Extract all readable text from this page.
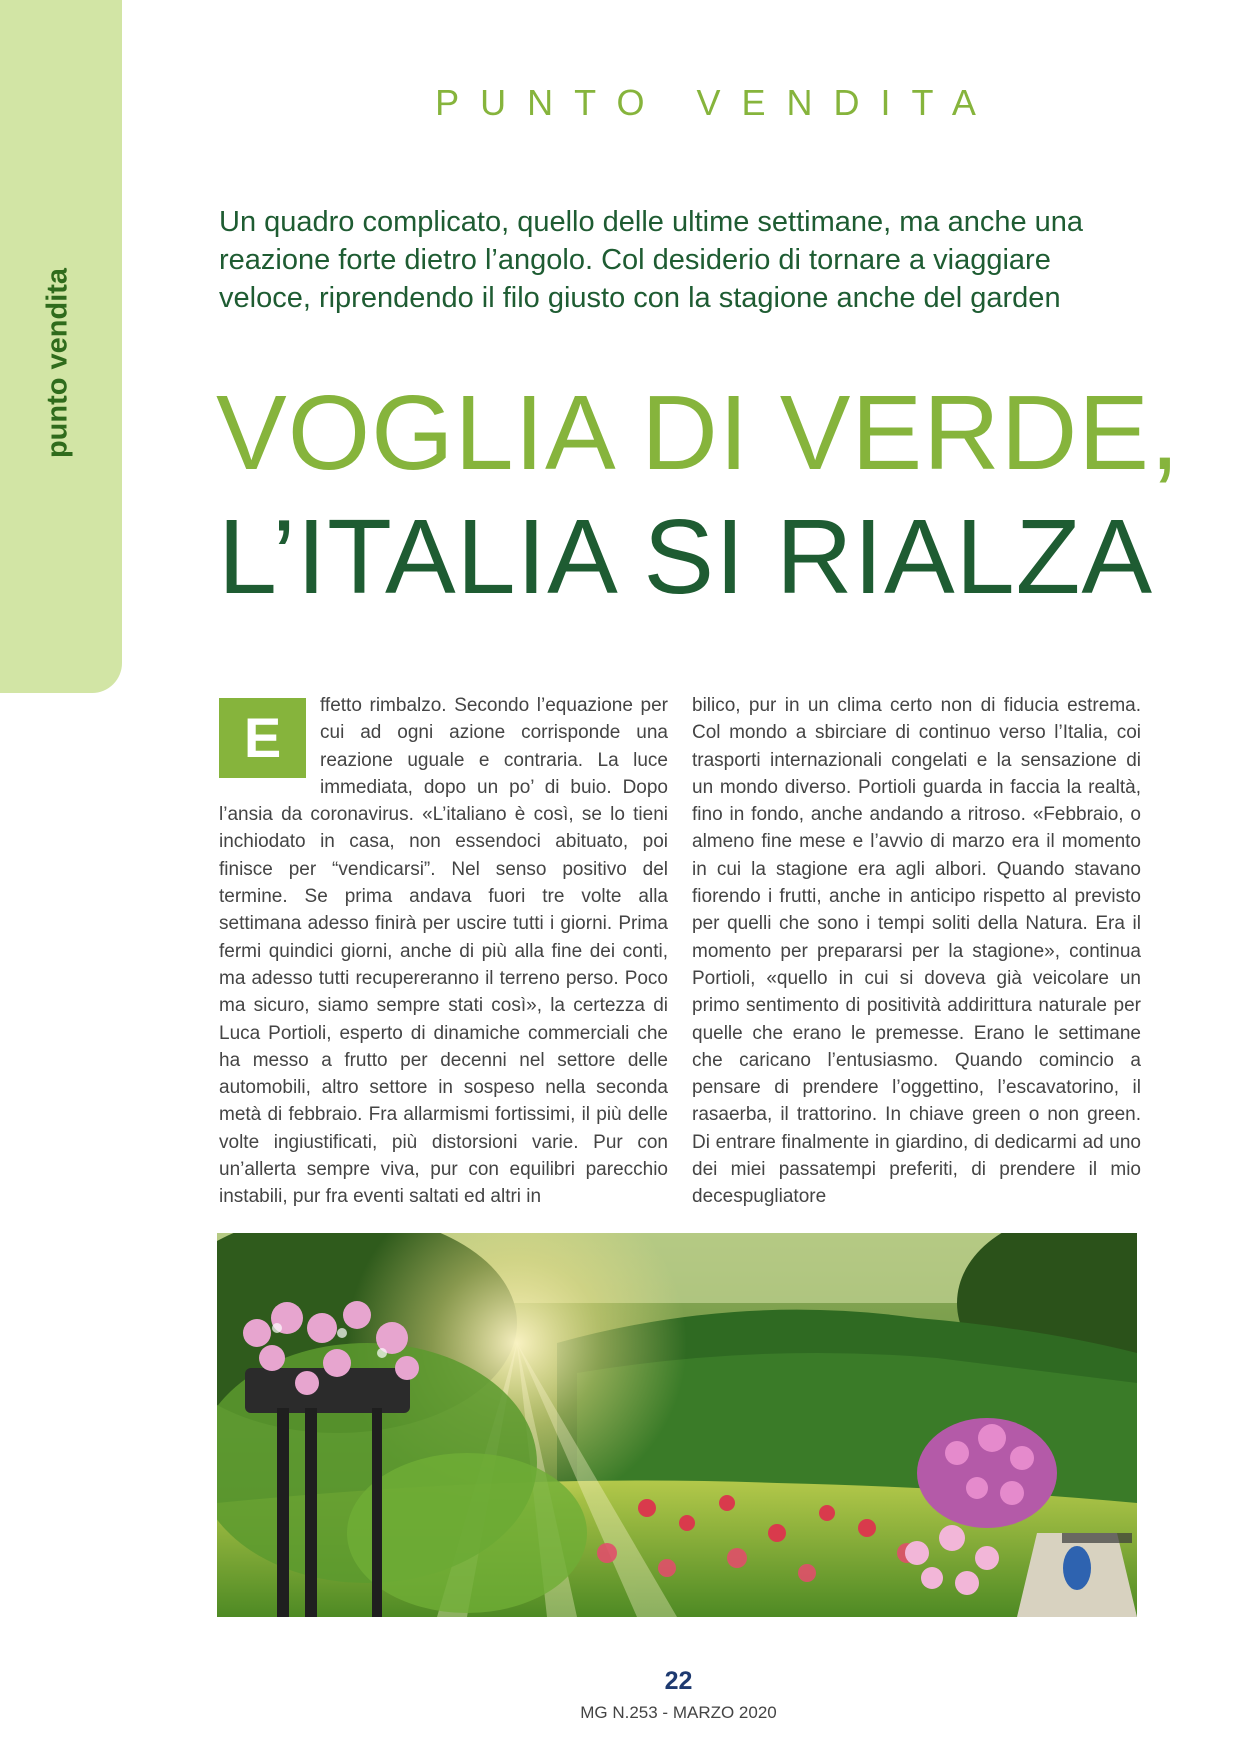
punto vendita
PUNTO VENDITA
Un quadro complicato, quello delle ultime settimane, ma anche una reazione forte dietro l’angolo. Col desiderio di tornare a viaggiare veloce, riprendendo il filo giusto con la stagione anche del garden
VOGLIA DI VERDE,
L’ITALIA SI RIALZA
E
ffetto rimbalzo. Secondo l’equazione per cui ad ogni azione corrisponde una reazione uguale e contraria. La luce immediata, dopo un po’ di buio. Dopo l’ansia da coronavirus. «L’italiano è così, se lo tieni inchiodato in casa, non essendoci abituato, poi finisce per “vendicarsi”. Nel senso positivo del termine. Se prima andava fuori tre volte alla settimana adesso finirà per uscire tutti i giorni. Prima fermi quindici giorni, anche di più alla fine dei conti, ma adesso tutti recupereranno il terreno perso. Poco ma sicuro, siamo sempre stati così», la certezza di Luca Portioli, esperto di dinamiche commerciali che ha messo a frutto per decenni nel settore delle automobili, altro settore in sospeso nella seconda metà di febbraio. Fra allarmismi fortissimi, il più delle volte ingiustificati, più distorsioni varie. Pur con un’allerta sempre viva, pur con equilibri parecchio instabili, pur fra eventi saltati ed altri in
bilico, pur in un clima certo non di fiducia estrema. Col mondo a sbirciare di continuo verso l’Italia, coi trasporti internazionali congelati e la sensazione di un mondo diverso. Portioli guarda in faccia la realtà, fino in fondo, anche andando a ritroso. «Febbraio, o almeno fine mese e l’avvio di marzo era il momento in cui la stagione era agli albori. Quando stavano fiorendo i frutti, anche in anticipo rispetto al previsto per quelli che sono i tempi soliti della Natura. Era il momento per prepararsi per la stagione», continua Portioli, «quello in cui si doveva già veicolare un primo sentimento di positività addirittura naturale per quelle che erano le premesse. Erano le settimane che caricano l’entusiasmo. Quando comincio a pensare di prendere l’oggettino, l’escavatorino, il rasaerba, il trattorino. In chiave green o non green. Di entrare finalmente in giardino, di dedicarmi ad uno dei miei passatempi preferiti, di prendere il mio decespugliatore
22
MG N.253 - MARZO 2020
